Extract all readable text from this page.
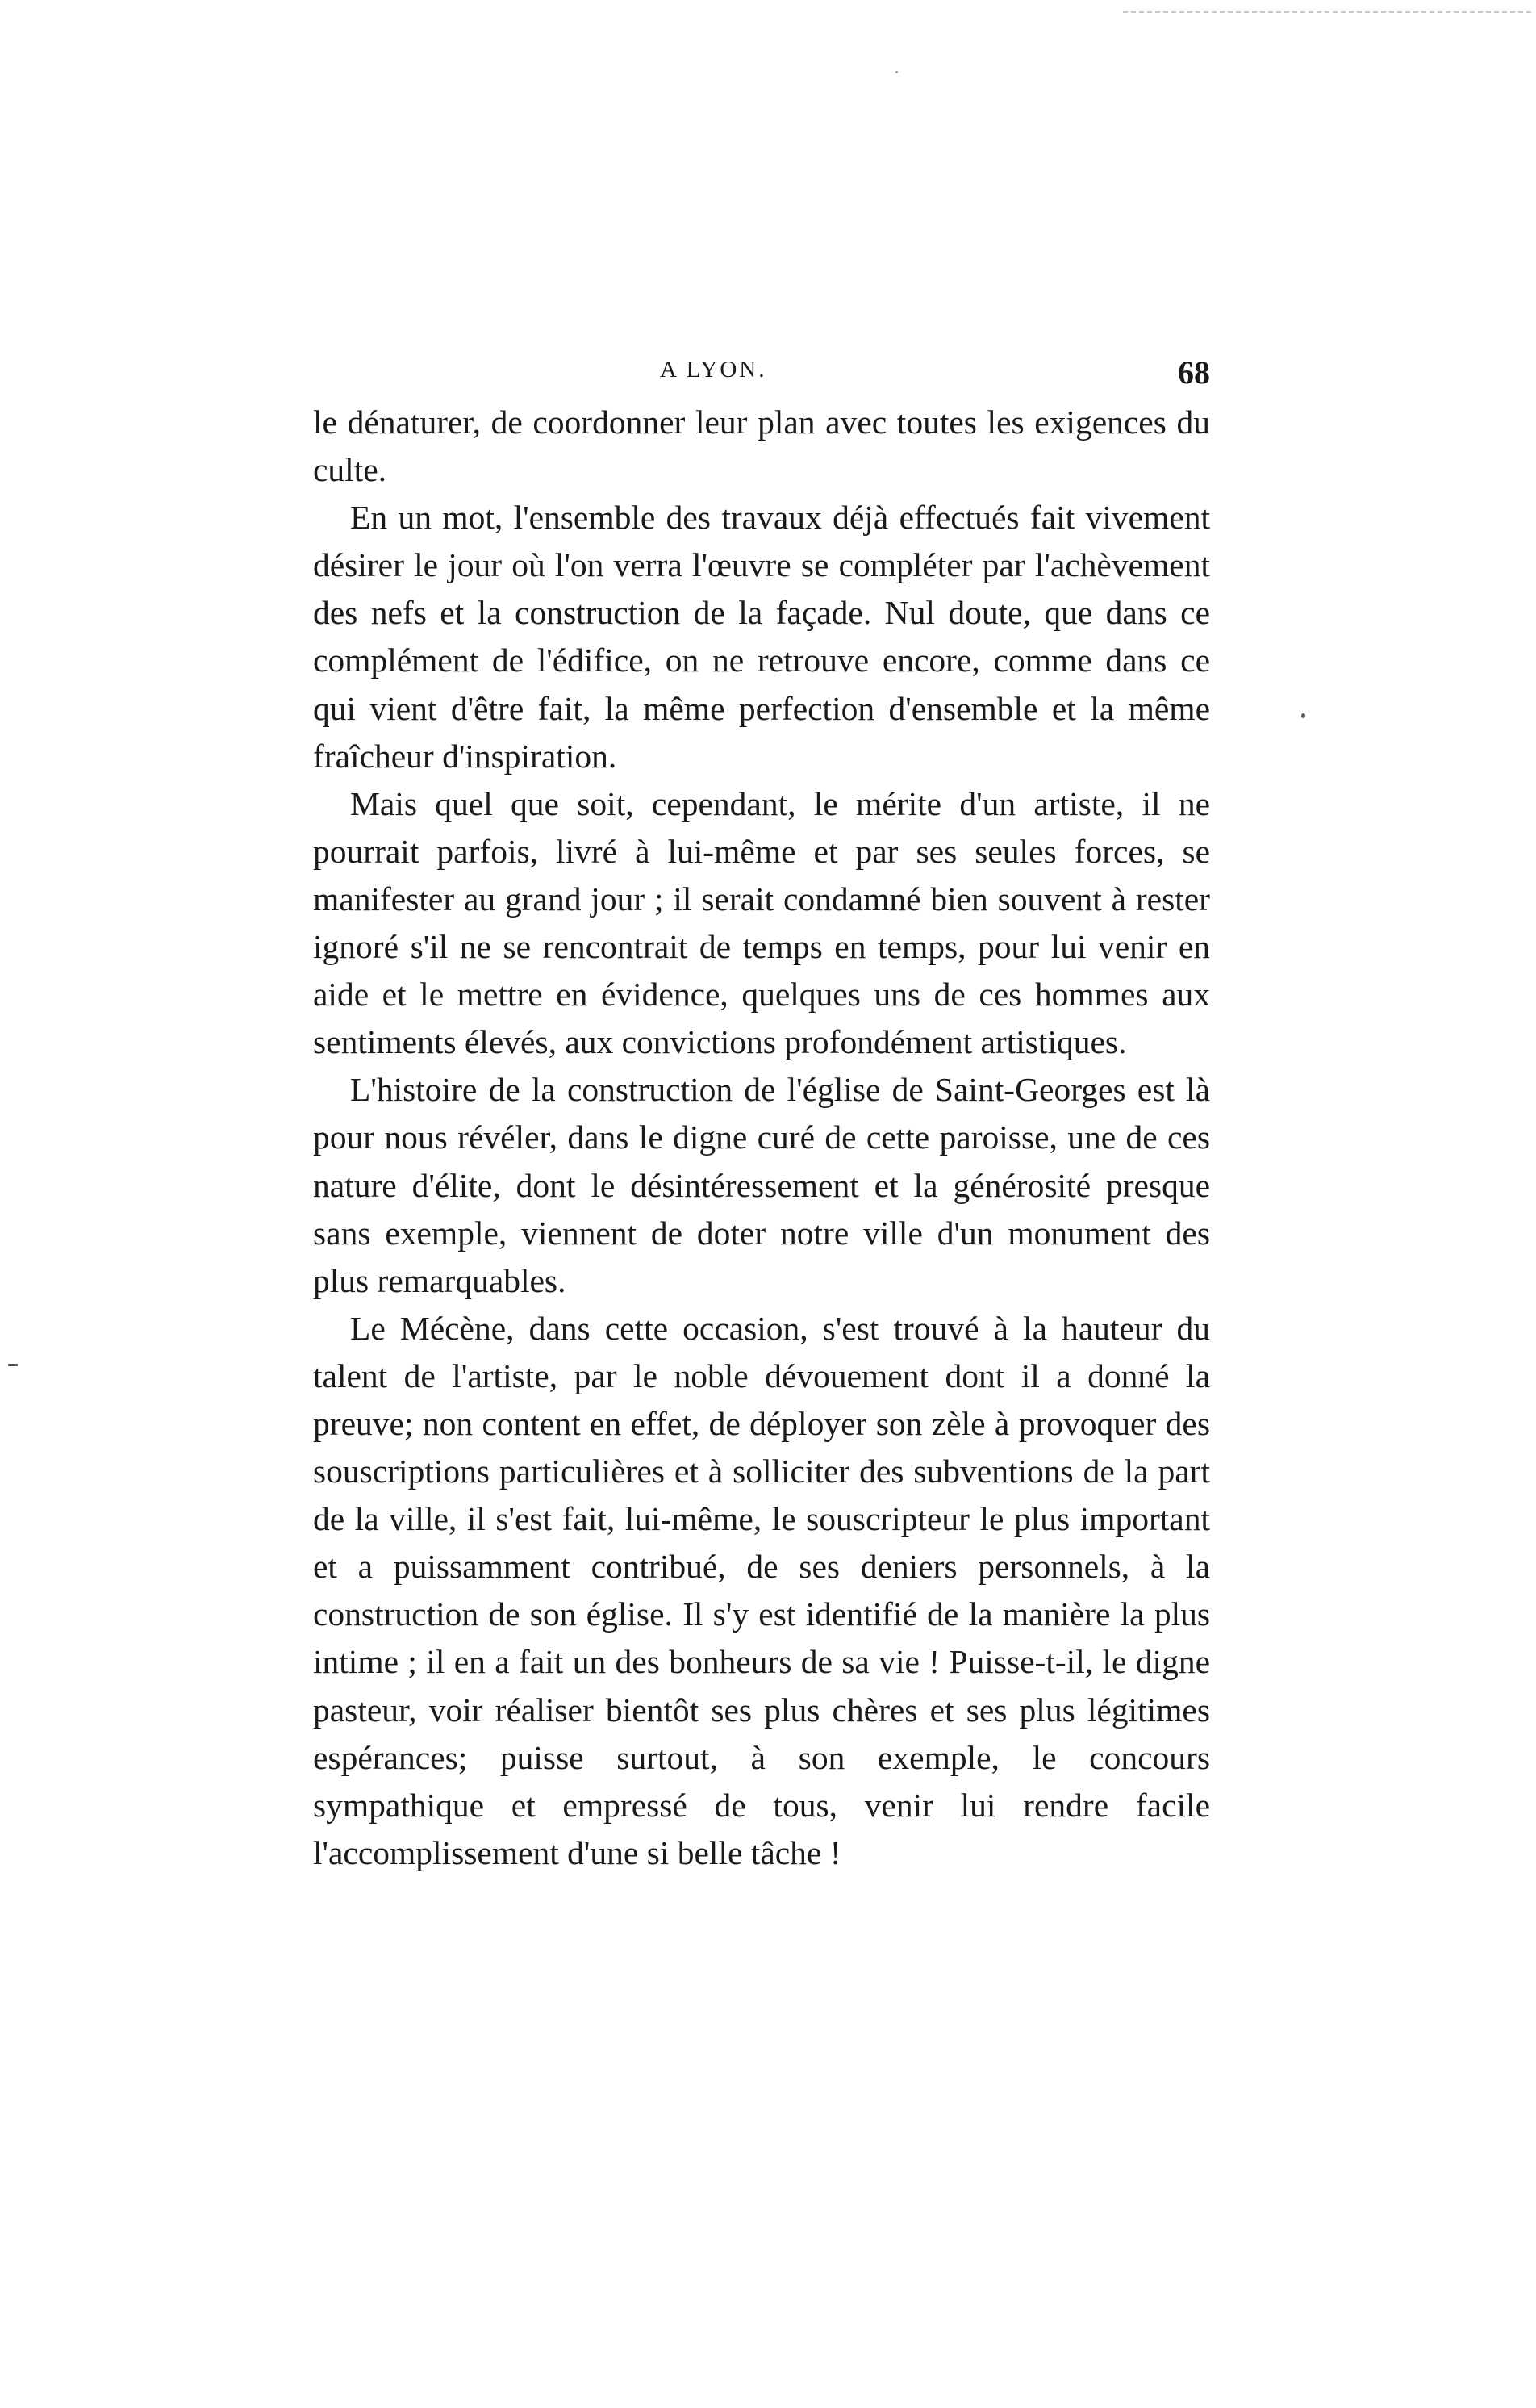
A LYON.	68

le dénaturer, de coordonner leur plan avec toutes les exigences du culte.

En un mot, l'ensemble des travaux déjà effectués fait vivement désirer le jour où l'on verra l'œuvre se compléter par l'achèvement des nefs et la construction de la façade. Nul doute, que dans ce complément de l'édifice, on ne retrouve encore, comme dans ce qui vient d'être fait, la même perfection d'ensemble et la même fraîcheur d'inspiration.

Mais quel que soit, cependant, le mérite d'un artiste, il ne pourrait parfois, livré à lui-même et par ses seules forces, se manifester au grand jour ; il serait condamné bien souvent à rester ignoré s'il ne se rencontrait de temps en temps, pour lui venir en aide et le mettre en évidence, quelques uns de ces hommes aux sentiments élevés, aux convictions profondément artistiques.

L'histoire de la construction de l'église de Saint-Georges est là pour nous révéler, dans le digne curé de cette paroisse, une de ces nature d'élite, dont le désintéressement et la générosité presque sans exemple, viennent de doter notre ville d'un monument des plus remarquables.

Le Mécène, dans cette occasion, s'est trouvé à la hauteur du talent de l'artiste, par le noble dévouement dont il a donné la preuve; non content en effet, de déployer son zèle à provoquer des souscriptions particulières et à solliciter des subventions de la part de la ville, il s'est fait, lui-même, le souscripteur le plus important et a puissamment contribué, de ses deniers personnels, à la construction de son église. Il s'y est identifié de la manière la plus intime ; il en a fait un des bonheurs de sa vie ! Puisse-t-il, le digne pasteur, voir réaliser bientôt ses plus chères et ses plus légitimes espérances; puisse surtout, à son exemple, le concours sympathique et empressé de tous, venir lui rendre facile l'accomplissement d'une si belle tâche !
